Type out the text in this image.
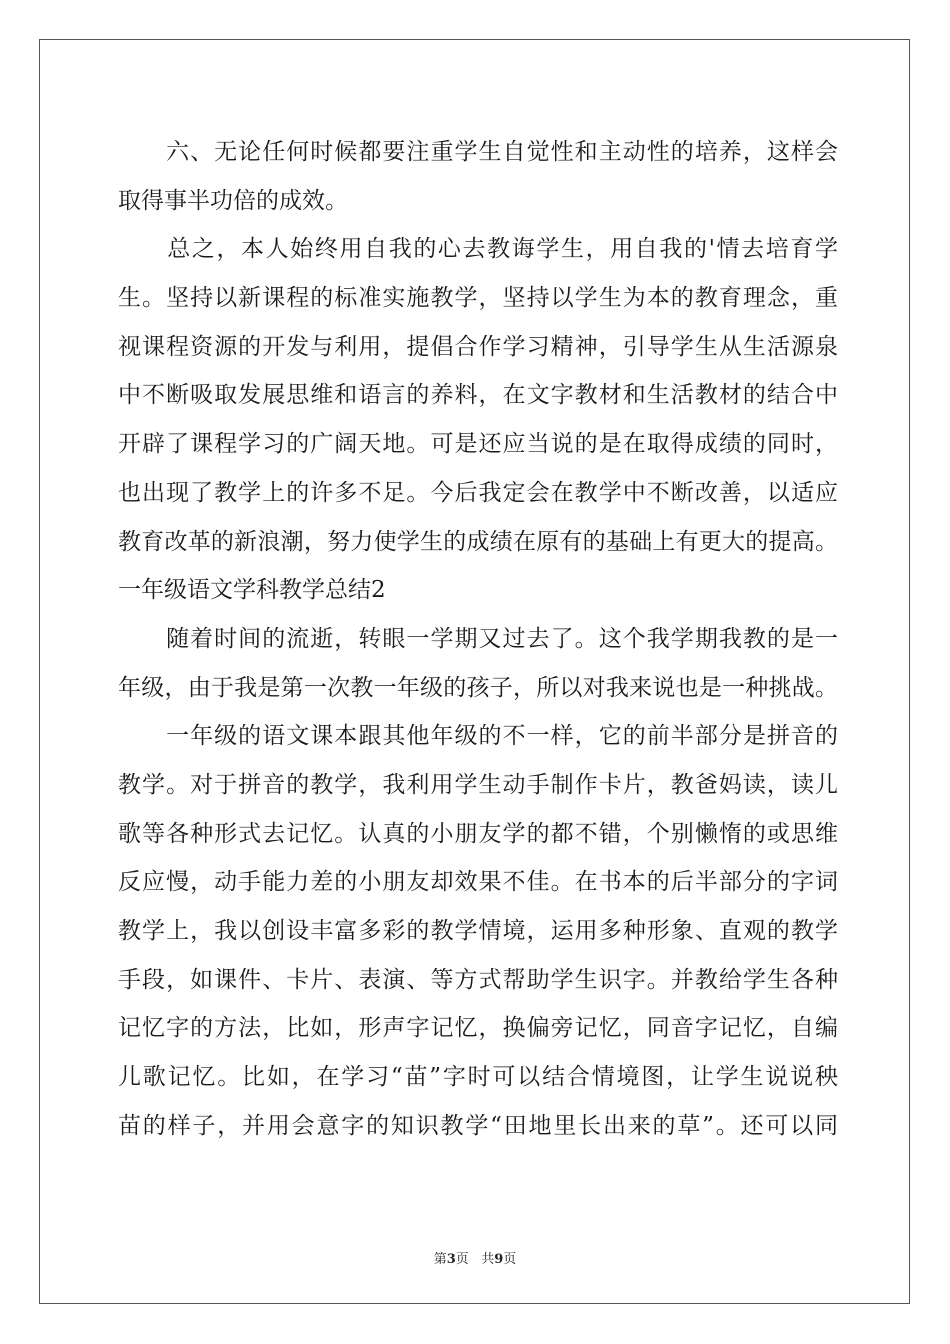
　　六、无论任何时候都要注重学生自觉性和主动性的培养，这样会
取得事半功倍的成效。
　　总之，本人始终用自我的心去教诲学生，用自我的'情去培育学
生。坚持以新课程的标准实施教学，坚持以学生为本的教育理念，重
视课程资源的开发与利用，提倡合作学习精神，引导学生从生活源泉
中不断吸取发展思维和语言的养料，在文字教材和生活教材的结合中
开辟了课程学习的广阔天地。可是还应当说的是在取得成绩的同时，
也出现了教学上的许多不足。今后我定会在教学中不断改善，以适应
教育改革的新浪潮，努力使学生的成绩在原有的基础上有更大的提高。
一年级语文学科教学总结2
　　随着时间的流逝，转眼一学期又过去了。这个我学期我教的是一
年级，由于我是第一次教一年级的孩子，所以对我来说也是一种挑战。
　　一年级的语文课本跟其他年级的不一样，它的前半部分是拼音的
教学。对于拼音的教学，我利用学生动手制作卡片，教爸妈读，读儿
歌等各种形式去记忆。认真的小朋友学的都不错，个别懒惰的或思维
反应慢，动手能力差的小朋友却效果不佳。在书本的后半部分的字词
教学上，我以创设丰富多彩的教学情境，运用多种形象、直观的教学
手段，如课件、卡片、表演、等方式帮助学生识字。并教给学生各种
记忆字的方法，比如，形声字记忆，换偏旁记忆，同音字记忆，自编
儿歌记忆。比如，在学习“苗”字时可以结合情境图，让学生说说秧
苗的样子，并用会意字的知识教学“田地里长出来的草”。还可以同
第3页 共9页
